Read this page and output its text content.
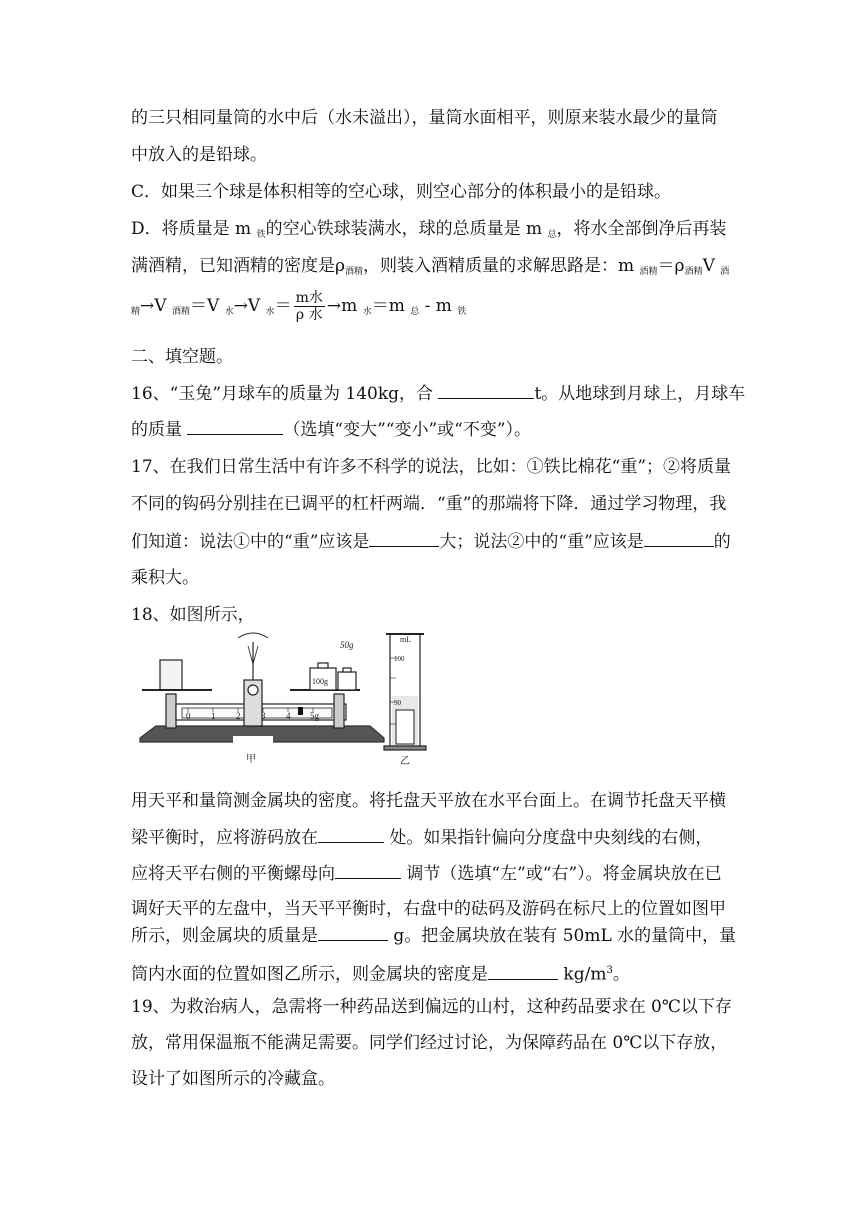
的三只相同量筒的水中后（水未溢出），量筒水面相平，则原来装水最少的量筒
中放入的是铅球。
C．如果三个球是体积相等的空心球，则空心部分的体积最小的是铅球。
D．将质量是 m $_铁$的空心铁球装满水，球的总质量是 m $_总$，将水全部倒净后再装
满酒精，已知酒精的密度是$\rho_{酒精}$，则装入酒精质量的求解思路是：m $_{酒精}=\rho_{酒精}V$ $_酒$
$_精$→V $_{酒精}$＝V $_水$→V $_水= \frac{\text{m水}}{\text{ρ 水}} \to m$ $_水$＝m $_总$ - m $_铁$
二、填空题。
16、“玉兔”月球车的质量为 140kg，合	t。从地球到月球上，月球车
的质量	（选填“变大”“变小”或“不变”）。
17、在我们日常生活中有许多不科学的说法，比如：①铁比棉花“重”；②将质量
不同的钩码分别挂在已调平的杠杆两端．“重”的那端将下降．通过学习物理，我
们知道：说法①中的“重”应该是	大；说法②中的“重”应该是	的
乘积大。
18、如图所示，
0 1 2 3 4 5g
50g
100g
mL
100
50
甲	乙
用天平和量筒测金属块的密度。将托盘天平放在水平台面上。在调节托盘天平横
梁平衡时，应将游码放在	处。如果指针偏向分度盘中央刻线的右侧，
应将天平右侧的平衡螺母向	调节（选填“左”或“右”）。将金属块放在已
调好天平的左盘中，当天平平衡时，右盘中的砝码及游码在标尺上的位置如图甲
所示，则金属块的质量是	g。把金属块放在装有 50mL 水的量筒中，量
筒内水面的位置如图乙所示，则金属块的密度是	$kg/m^3$。
19、为救治病人，急需将一种药品送到偏远的山村，这种药品要求在 0℃以下存
放，常用保温瓶不能满足需要。同学们经过讨论，为保障药品在 0℃以下存放，
设计了如图所示的冷藏盒。
